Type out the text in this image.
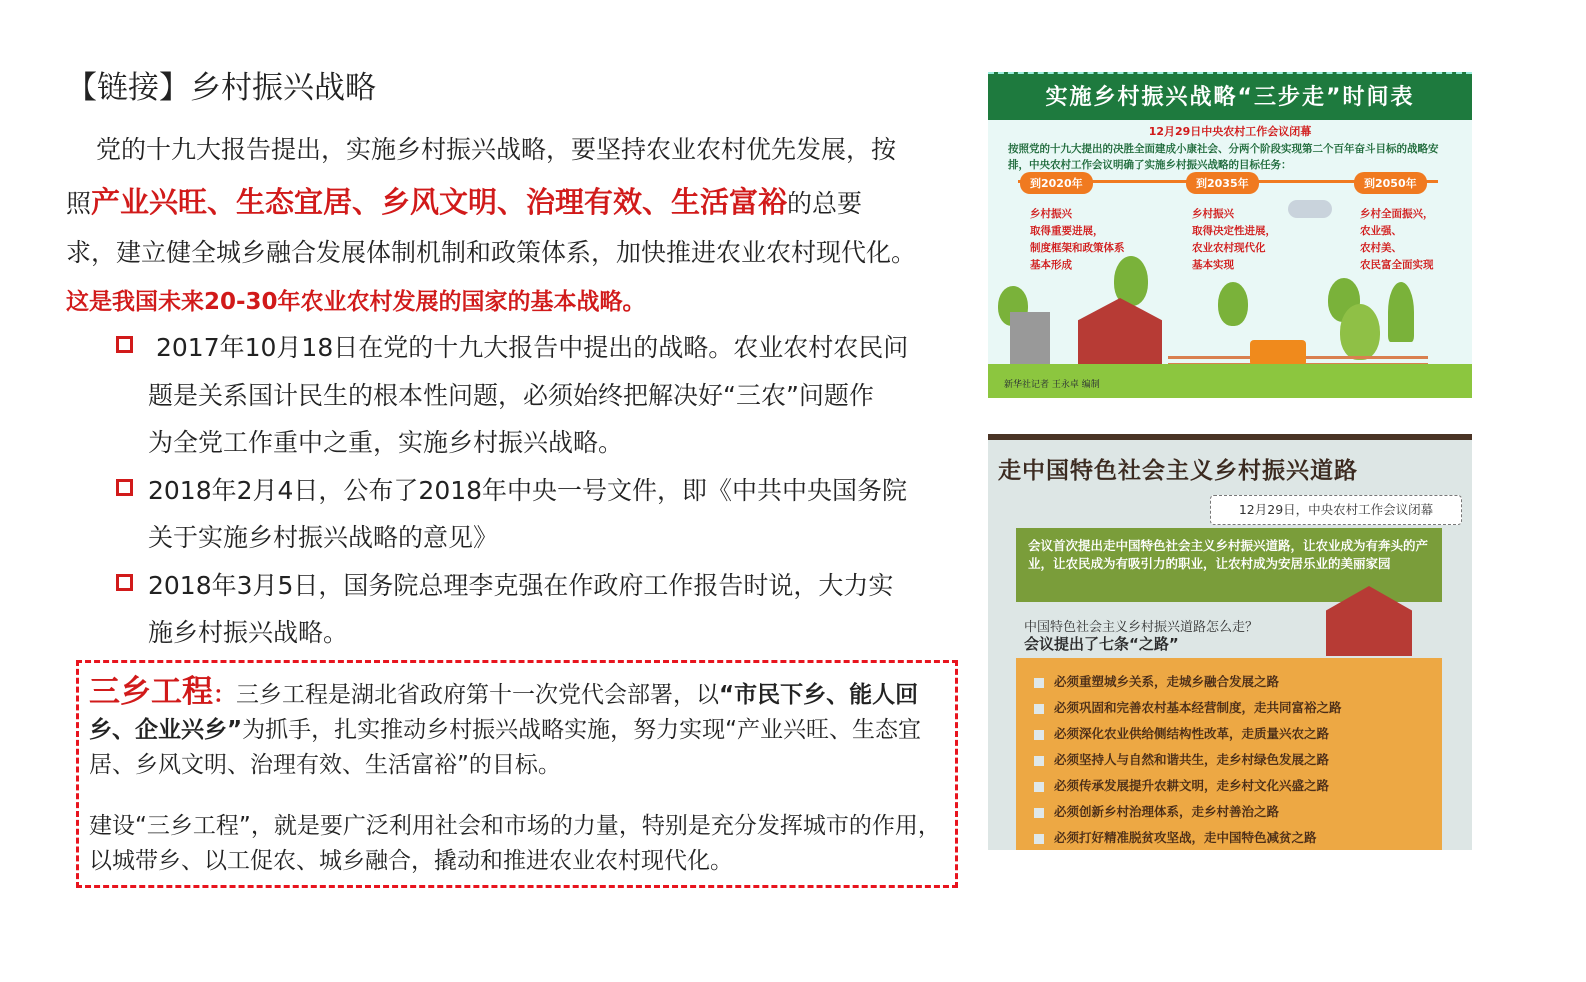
【链接】乡村振兴战略
党的十九大报告提出，实施乡村振兴战略，要坚持农业农村优先发展，按
照产业兴旺、生态宜居、乡风文明、治理有效、生活富裕的总要
求，建立健全城乡融合发展体制机制和政策体系，加快推进农业农村现代化。
这是我国未来20-30年农业农村发展的国家的基本战略。
2017年10月18日在党的十九大报告中提出的战略。农业农村农民问
题是关系国计民生的根本性问题，必须始终把解决好“三农”问题作
为全党工作重中之重，实施乡村振兴战略。
2018年2月4日，公布了2018年中央一号文件，即《中共中央国务院
关于实施乡村振兴战略的意见》
2018年3月5日，国务院总理李克强在作政府工作报告时说，大力实
施乡村振兴战略。
三乡工程：三乡工程是湖北省政府第十一次党代会部署，以“市民下乡、能人回乡、企业兴乡”为抓手，扎实推动乡村振兴战略实施，努力实现“产业兴旺、生态宜居、乡风文明、治理有效、生活富裕”的目标。
建设“三乡工程”，就是要广泛利用社会和市场的力量，特别是充分发挥城市的作用，以城带乡、以工促农、城乡融合，撬动和推进农业农村现代化。
实施乡村振兴战略“三步走”时间表
12月29日中央农村工作会议闭幕
按照党的十九大提出的决胜全面建成小康社会、分两个阶段实现第二个百年奋斗目标的战略安排，中央农村工作会议明确了实施乡村振兴战略的目标任务：
到2020年	到2035年	到2050年
乡村振兴
取得重要进展，
制度框架和政策体系
基本形成
乡村振兴
取得决定性进展，
农业农村现代化
基本实现
乡村全面振兴，
农业强、
农村美、
农民富全面实现
新华社记者 王永卓 编制
走中国特色社会主义乡村振兴道路
12月29日，中央农村工作会议闭幕
会议首次提出走中国特色社会主义乡村振兴道路，让农业成为有奔头的产业，让农民成为有吸引力的职业，让农村成为安居乐业的美丽家园
中国特色社会主义乡村振兴道路怎么走？
会议提出了七条“之路”
必须重塑城乡关系，走城乡融合发展之路
必须巩固和完善农村基本经营制度，走共同富裕之路
必须深化农业供给侧结构性改革，走质量兴农之路
必须坚持人与自然和谐共生，走乡村绿色发展之路
必须传承发展提升农耕文明，走乡村文化兴盛之路
必须创新乡村治理体系，走乡村善治之路
必须打好精准脱贫攻坚战，走中国特色减贫之路
